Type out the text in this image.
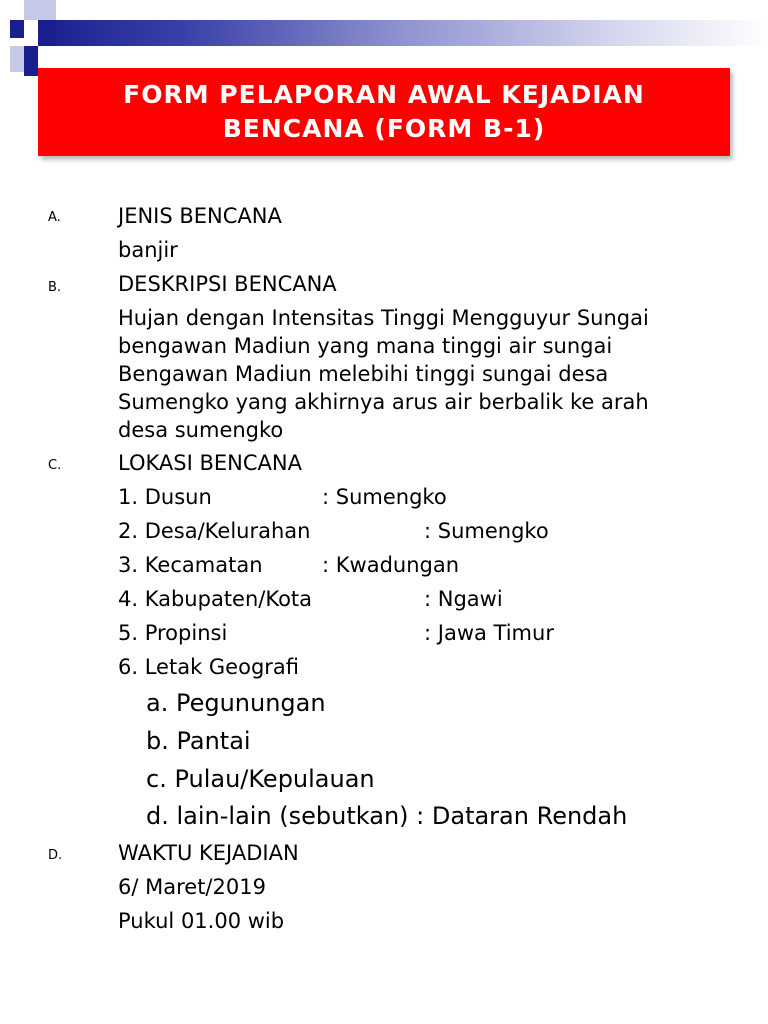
FORM PELAPORAN AWAL KEJADIAN
BENCANA (FORM B-1)
A.	JENIS BENCANA
banjir
B.	DESKRIPSI BENCANA
Hujan dengan Intensitas Tinggi Mengguyur Sungai
bengawan Madiun yang mana tinggi air sungai
Bengawan Madiun melebihi tinggi sungai desa
Sumengko yang akhirnya arus air berbalik ke arah
desa sumengko
C.	LOKASI BENCANA
1. Dusun	: Sumengko
2. Desa/Kelurahan	: Sumengko
3. Kecamatan	: Kwadungan
4. Kabupaten/Kota	: Ngawi
5. Propinsi	: Jawa Timur
6. Letak Geografi
a. Pegunungan
b. Pantai
c. Pulau/Kepulauan
d. lain-lain (sebutkan) : Dataran Rendah
D.	WAKTU KEJADIAN
6/ Maret/2019
Pukul 01.00 wib
